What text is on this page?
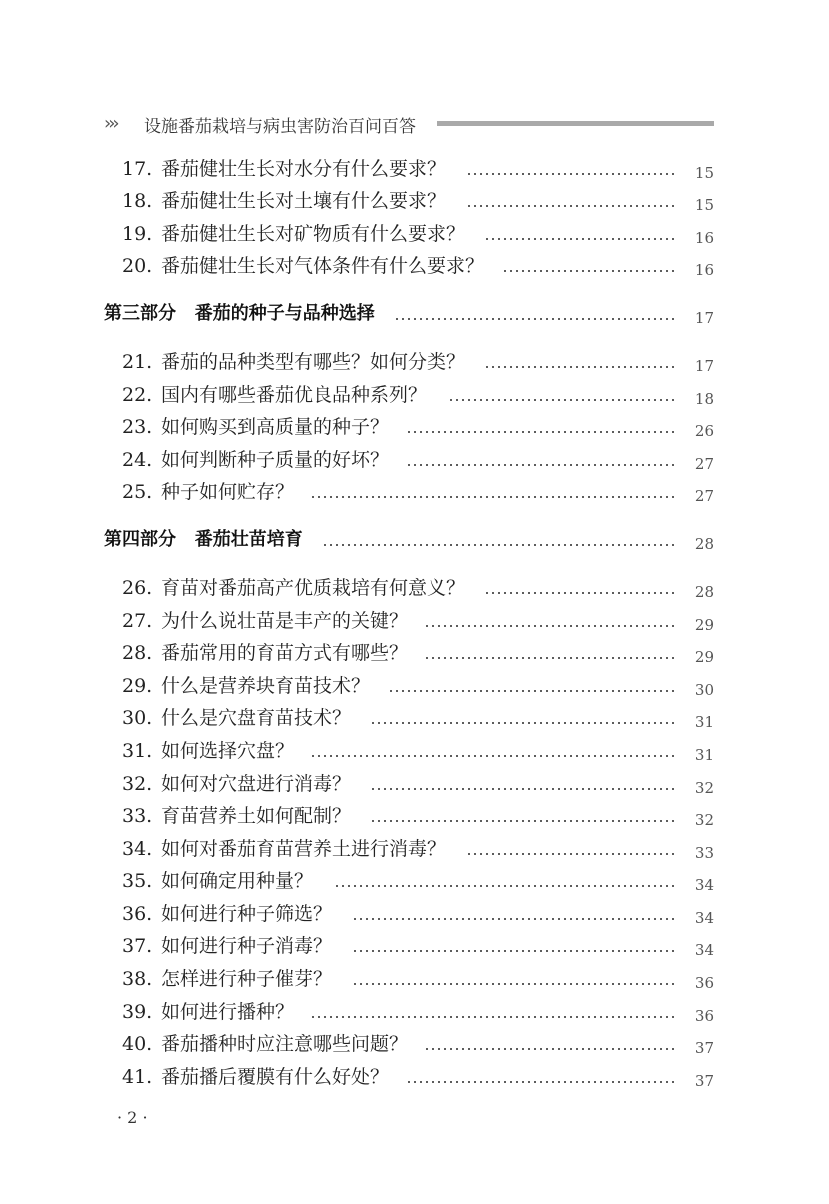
››› 设施番茄栽培与病虫害防治百问百答
17. 番茄健壮生长对水分有什么要求？	15
18. 番茄健壮生长对土壤有什么要求？	15
19. 番茄健壮生长对矿物质有什么要求？	16
20. 番茄健壮生长对气体条件有什么要求？	16
第三部分   番茄的种子与品种选择	17
21. 番茄的品种类型有哪些？如何分类？	17
22. 国内有哪些番茄优良品种系列？	18
23. 如何购买到高质量的种子？	26
24. 如何判断种子质量的好坏？	27
25. 种子如何贮存？	27
第四部分   番茄壮苗培育	28
26. 育苗对番茄高产优质栽培有何意义？	28
27. 为什么说壮苗是丰产的关键？	29
28. 番茄常用的育苗方式有哪些？	29
29. 什么是营养块育苗技术？	30
30. 什么是穴盘育苗技术？	31
31. 如何选择穴盘？	31
32. 如何对穴盘进行消毒？	32
33. 育苗营养土如何配制？	32
34. 如何对番茄育苗营养土进行消毒？	33
35. 如何确定用种量？	34
36. 如何进行种子筛选？	34
37. 如何进行种子消毒？	34
38. 怎样进行种子催芽？	36
39. 如何进行播种？	36
40. 番茄播种时应注意哪些问题？	37
41. 番茄播后覆膜有什么好处？	37
· 2 ·
